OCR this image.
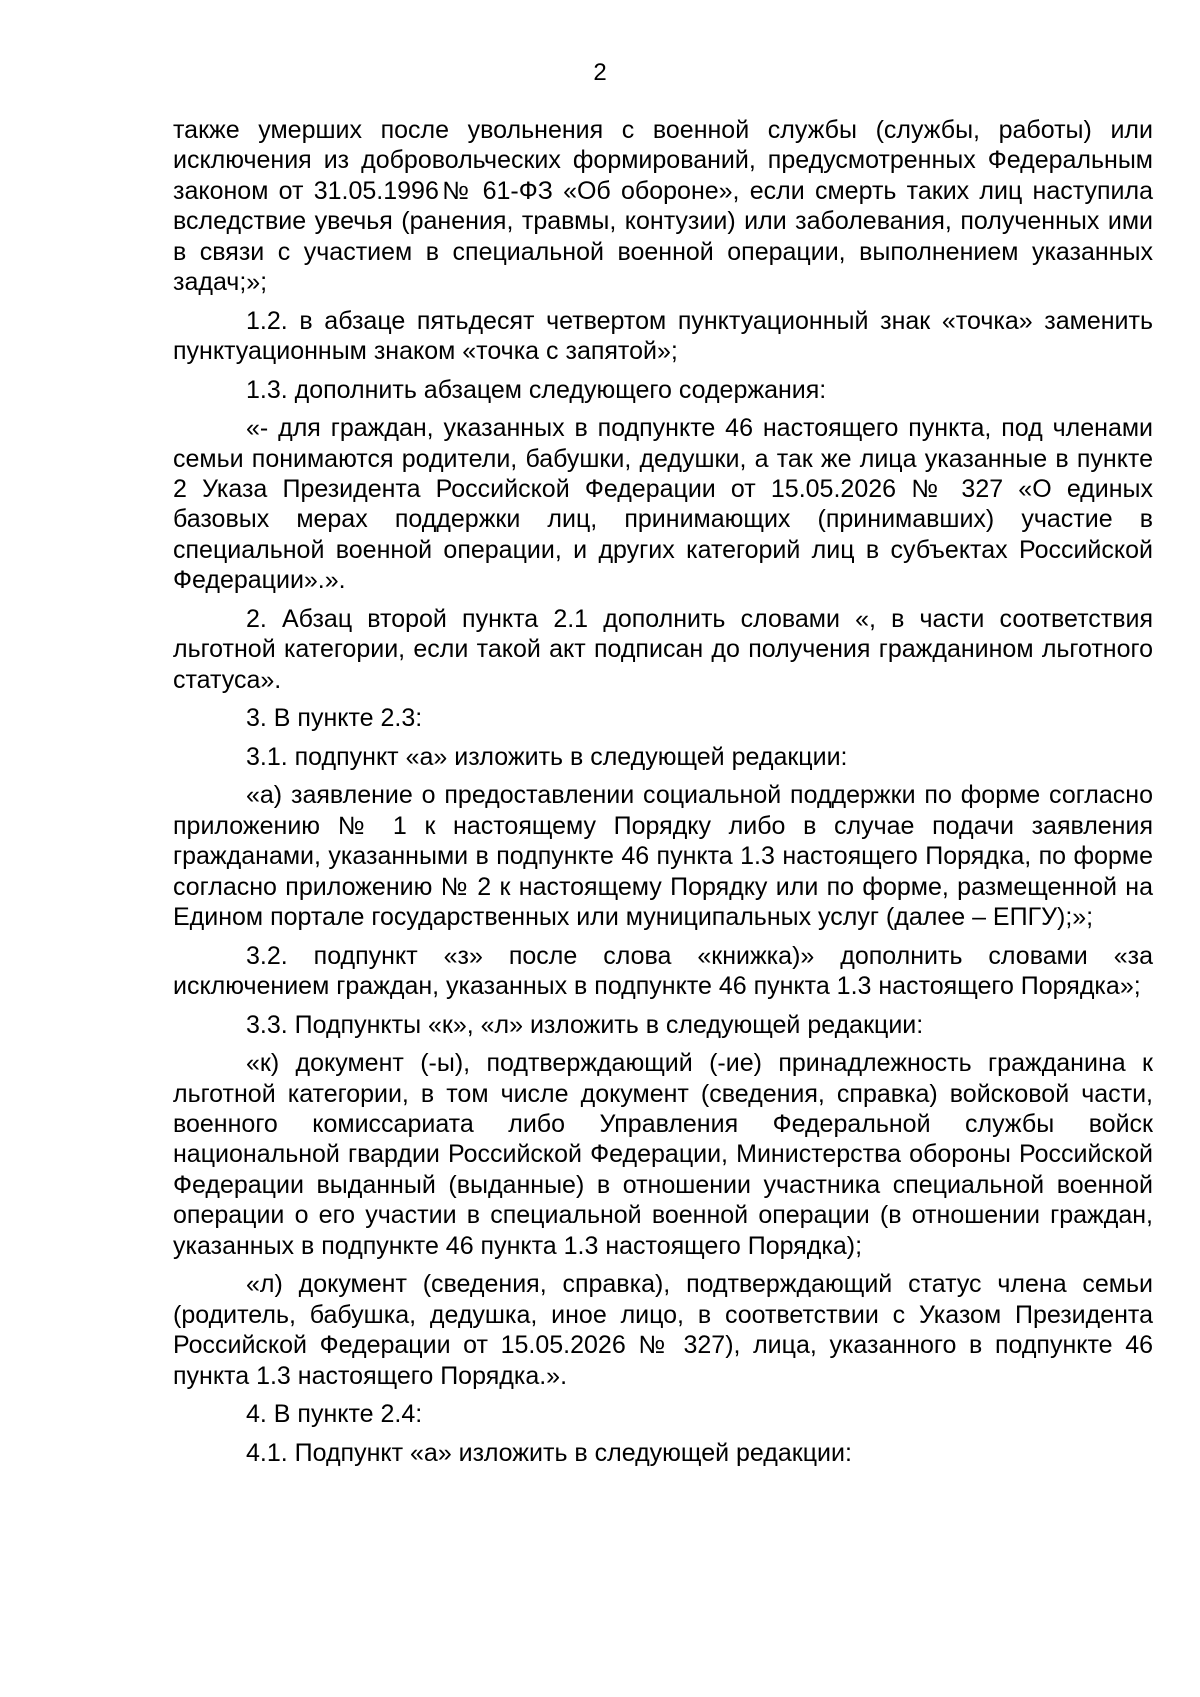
2

также умерших после увольнения с военной службы (службы, работы) или исключения из добровольческих формирований, предусмотренных Федеральным законом от 31.05.1996№ 61-ФЗ «Об обороне», если смерть таких лиц наступила вследствие увечья (ранения, травмы, контузии) или заболевания, полученных ими в связи с участием в специальной военной операции, выполнением указанных задач;»;

1.2. в абзаце пятьдесят четвертом пунктуационный знак «точка» заменить пунктуационным знаком «точка с запятой»;

1.3. дополнить абзацем следующего содержания:

«- для граждан, указанных в подпункте 46 настоящего пункта, под членами семьи понимаются родители, бабушки, дедушки, а так же лица указанные в пункте 2 Указа Президента Российской Федерации от 15.05.2026 № 327 «О единых базовых мерах поддержки лиц, принимающих (принимавших) участие в специальной военной операции, и других категорий лиц в субъектах Российской Федерации».».

2. Абзац второй пункта 2.1 дополнить словами «, в части соответствия льготной категории, если такой акт подписан до получения гражданином льготного статуса».

3. В пункте 2.3:

3.1. подпункт «а» изложить в следующей редакции:

«а) заявление о предоставлении социальной поддержки по форме согласно приложению № 1 к настоящему Порядку либо в случае подачи заявления гражданами, указанными в подпункте 46 пункта 1.3 настоящего Порядка, по форме согласно приложению № 2 к настоящему Порядку или по форме, размещенной на Едином портале государственных или муниципальных услуг (далее – ЕПГУ);»;

3.2. подпункт «з» после слова «книжка)» дополнить словами «за исключением граждан, указанных в подпункте 46 пункта 1.3 настоящего Порядка»;

3.3. Подпункты «к», «л» изложить в следующей редакции:

«к) документ (-ы), подтверждающий (-ие) принадлежность гражданина к льготной категории, в том числе документ (сведения, справка) войсковой части, военного комиссариата либо Управления Федеральной службы войск национальной гвардии Российской Федерации, Министерства обороны Российской Федерации выданный (выданные) в отношении участника специальной военной операции о его участии в специальной военной операции (в отношении граждан, указанных в подпункте 46 пункта 1.3 настоящего Порядка);

«л) документ (сведения, справка), подтверждающий статус члена семьи (родитель, бабушка, дедушка, иное лицо, в соответствии с Указом Президента Российской Федерации от 15.05.2026 № 327), лица, указанного в подпункте 46 пункта 1.3 настоящего Порядка.».

4. В пункте 2.4:

4.1. Подпункт «а» изложить в следующей редакции:
